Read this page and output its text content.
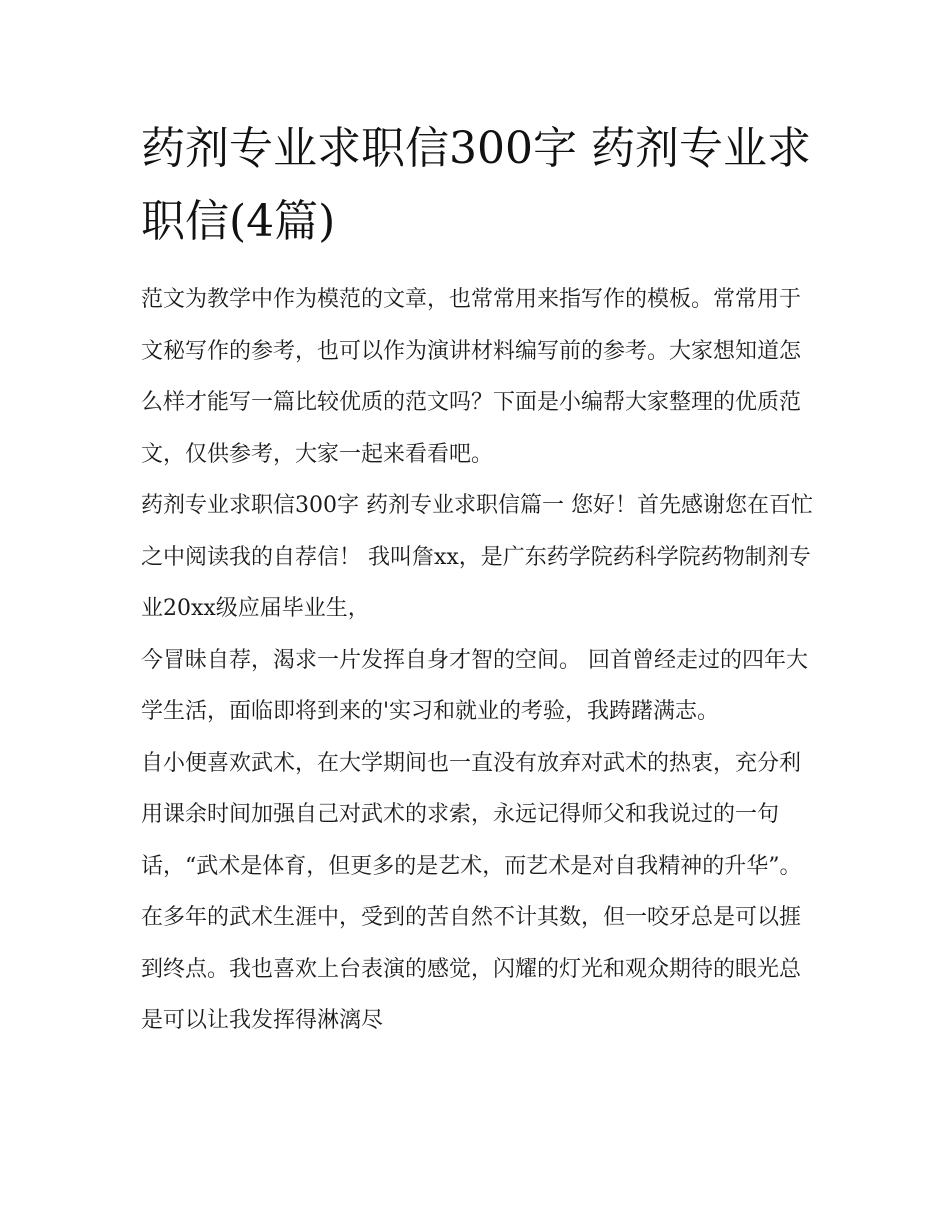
药剂专业求职信300字 药剂专业求职信(4篇)

范文为教学中作为模范的文章，也常常用来指写作的模板。常常用于文秘写作的参考，也可以作为演讲材料编写前的参考。大家想知道怎么样才能写一篇比较优质的范文吗？下面是小编帮大家整理的优质范文，仅供参考，大家一起来看看吧。

药剂专业求职信300字 药剂专业求职信篇一 您好！首先感谢您在百忙之中阅读我的自荐信！ 我叫詹xx，是广东药学院药科学院药物制剂专业20xx级应届毕业生，

今冒昧自荐，渴求一片发挥自身才智的空间。 回首曾经走过的四年大学生活，面临即将到来的'实习和就业的考验，我踌躇满志。

自小便喜欢武术，在大学期间也一直没有放弃对武术的热衷，充分利用课余时间加强自己对武术的求索，永远记得师父和我说过的一句话，“武术是体育，但更多的是艺术，而艺术是对自我精神的升华”。在多年的武术生涯中，受到的苦自然不计其数，但一咬牙总是可以捱到终点。我也喜欢上台表演的感觉，闪耀的灯光和观众期待的眼光总是可以让我发挥得淋漓尽
